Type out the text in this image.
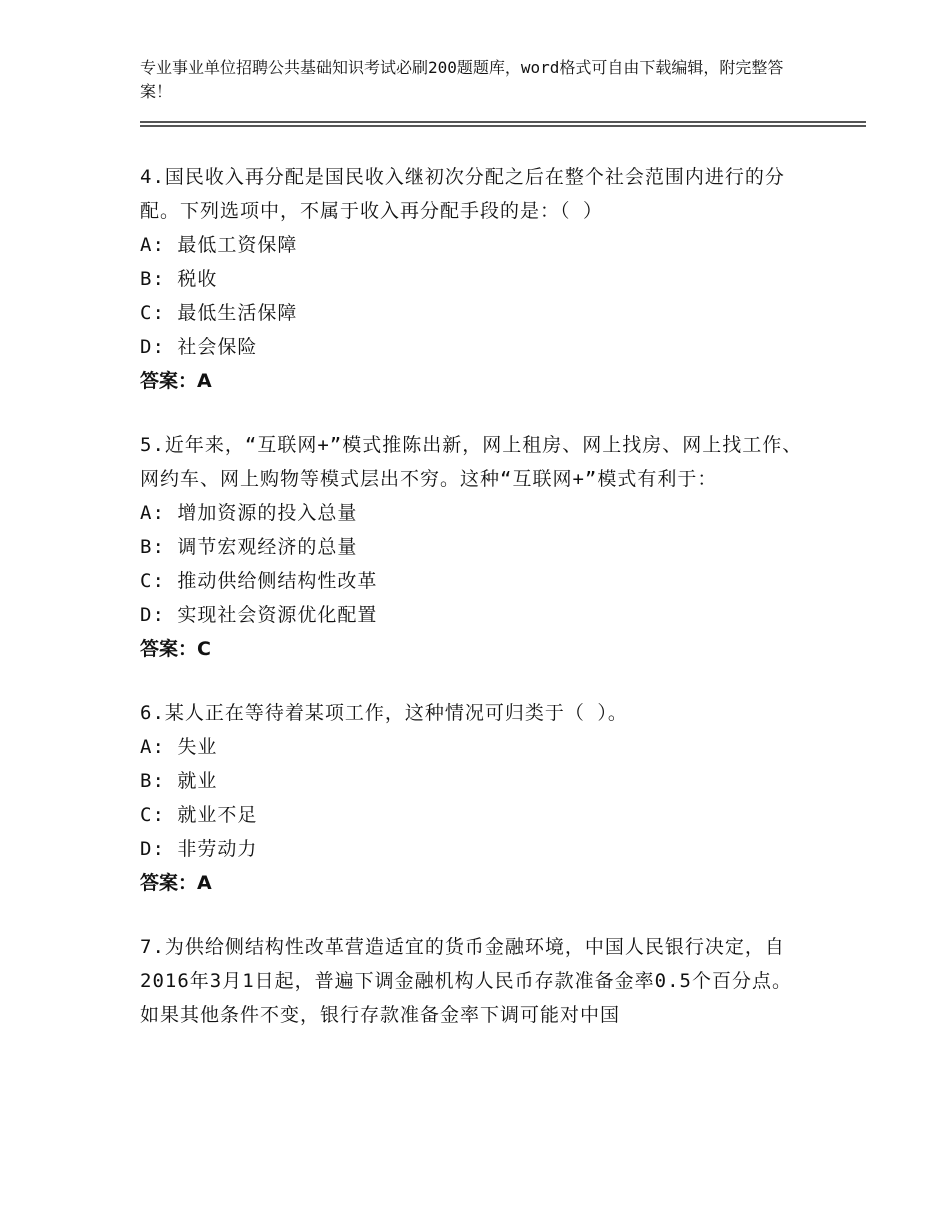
专业事业单位招聘公共基础知识考试必刷200题题库，word格式可自由下载编辑，附完整答案！

4.国民收入再分配是国民收入继初次分配之后在整个社会范围内进行的分配。下列选项中，不属于收入再分配手段的是：（ ）

A: 最低工资保障

B: 税收

C: 最低生活保障

D: 社会保险

答案：A

5.近年来，“互联网+”模式推陈出新，网上租房、网上找房、网上找工作、网约车、网上购物等模式层出不穷。这种“互联网+”模式有利于：

A: 增加资源的投入总量

B: 调节宏观经济的总量

C: 推动供给侧结构性改革

D: 实现社会资源优化配置

答案：C

6.某人正在等待着某项工作，这种情况可归类于（ ）。

A: 失业

B: 就业

C: 就业不足

D: 非劳动力

答案：A

7.为供给侧结构性改革营造适宜的货币金融环境，中国人民银行决定，自2016年3月1日起，普遍下调金融机构人民币存款准备金率0.5个百分点。如果其他条件不变，银行存款准备金率下调可能对中国
